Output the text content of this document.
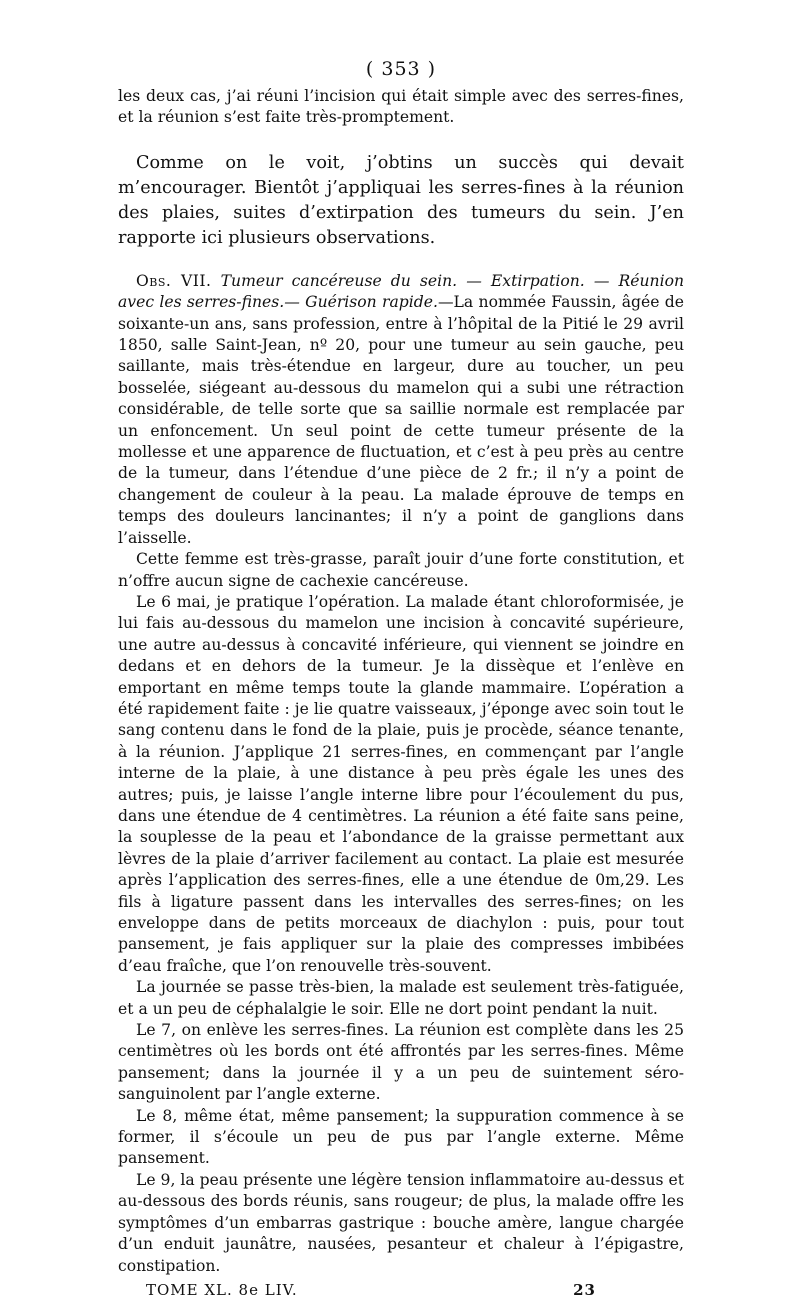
( 353 )

les deux cas, j’ai réuni l’incision qui était simple avec des serres-fines, et la réunion s’est faite très-promptement.

Comme on le voit, j’obtins un succès qui devait m’encourager. Bientôt j’appliquai les serres-fines à la réunion des plaies, suites d’extirpation des tumeurs du sein. J’en rapporte ici plusieurs observations.

Obs. VII. Tumeur cancéreuse du sein. — Extirpation. — Réunion avec les serres-fines.— Guérison rapide.—La nommée Faussin, âgée de soixante-un ans, sans profession, entre à l’hôpital de la Pitié le 29 avril 1850, salle Saint-Jean, nº 20, pour une tumeur au sein gauche, peu saillante, mais très-étendue en largeur, dure au toucher, un peu bosselée, siégeant au-dessous du mamelon qui a subi une rétraction considérable, de telle sorte que sa saillie normale est remplacée par un enfoncement. Un seul point de cette tumeur présente de la mollesse et une apparence de fluctuation, et c’est à peu près au centre de la tumeur, dans l’étendue d’une pièce de 2 fr.; il n’y a point de changement de couleur à la peau. La malade éprouve de temps en temps des douleurs lancinantes; il n’y a point de ganglions dans l’aisselle.

Cette femme est très-grasse, paraît jouir d’une forte constitution, et n’offre aucun signe de cachexie cancéreuse.

Le 6 mai, je pratique l’opération. La malade étant chloroformisée, je lui fais au-dessous du mamelon une incision à concavité supérieure, une autre au-dessus à concavité inférieure, qui viennent se joindre en dedans et en dehors de la tumeur. Je la dissèque et l’enlève en emportant en même temps toute la glande mammaire. L’opération a été rapidement faite : je lie quatre vaisseaux, j’éponge avec soin tout le sang contenu dans le fond de la plaie, puis je procède, séance tenante, à la réunion. J’applique 21 serres-fines, en commençant par l’angle interne de la plaie, à une distance à peu près égale les unes des autres; puis, je laisse l’angle interne libre pour l’écoulement du pus, dans une étendue de 4 centimètres. La réunion a été faite sans peine, la souplesse de la peau et l’abondance de la graisse permettant aux lèvres de la plaie d’arriver facilement au contact. La plaie est mesurée après l’application des serres-fines, elle a une étendue de 0m,29. Les fils à ligature passent dans les intervalles des serres-fines; on les enveloppe dans de petits morceaux de diachylon : puis, pour tout pansement, je fais appliquer sur la plaie des compresses imbibées d’eau fraîche, que l’on renouvelle très-souvent.

La journée se passe très-bien, la malade est seulement très-fatiguée, et a un peu de céphalalgie le soir. Elle ne dort point pendant la nuit.

Le 7, on enlève les serres-fines. La réunion est complète dans les 25 centimètres où les bords ont été affrontés par les serres-fines. Même pansement; dans la journée il y a un peu de suintement séro-sanguinolent par l’angle externe.

Le 8, même état, même pansement; la suppuration commence à se former, il s’écoule un peu de pus par l’angle externe. Même pansement.

Le 9, la peau présente une légère tension inflammatoire au-dessus et au-dessous des bords réunis, sans rougeur; de plus, la malade offre les symptômes d’un embarras gastrique : bouche amère, langue chargée d’un enduit jaunâtre, nausées, pesanteur et chaleur à l’épigastre, constipation.

TOME XL. 8e LIV.	23
